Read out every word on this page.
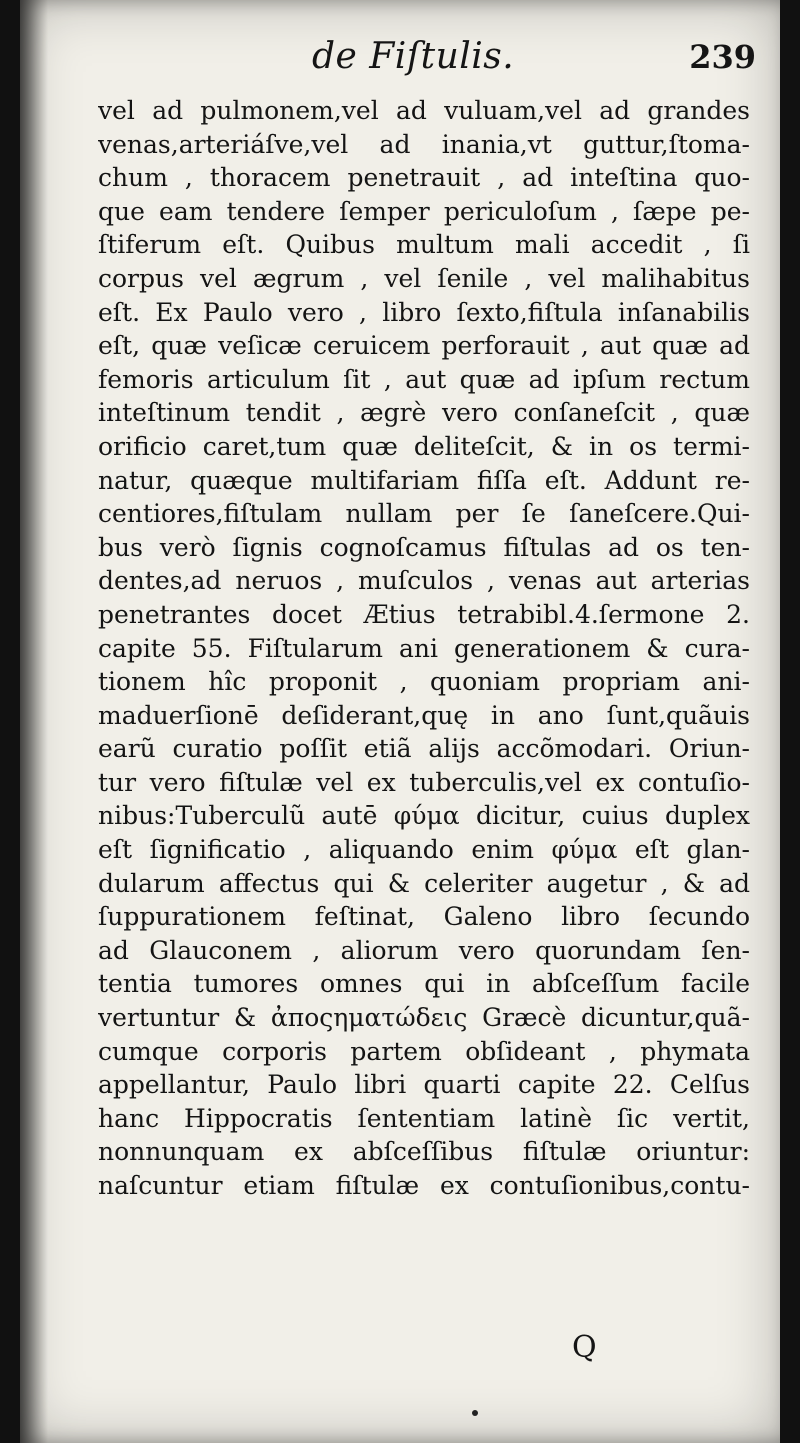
de Fiſtulis.	239
vel ad pulmonem,vel ad vuluam,vel ad grandes
venas,arteriáſve,vel ad inania,vt guttur,ſtoma-
chum , thoracem penetrauit , ad inteſtina quo-
que eam tendere ſemper periculoſum , ſæpe pe-
ſtiferum eſt. Quibus multum mali accedit , ſi
corpus vel ægrum , vel ſenile , vel malihabitus
eſt. Ex Paulo vero , libro ſexto,fiſtula inſanabilis
eſt, quæ veſicæ ceruicem perforauit , aut quæ ad
femoris articulum ſit , aut quæ ad ipſum rectum
inteſtinum tendit , ægrè vero conſaneſcit , quæ
orificio caret,tum quæ deliteſcit, & in os termi-
natur, quæque multifariam fiſſa eſt. Addunt re-
centiores,fiſtulam nullam per ſe ſaneſcere.Qui-
bus verò ſignis cognoſcamus fiſtulas ad os ten-
dentes,ad neruos , muſculos , venas aut arterias
penetrantes docet Ætius tetrabibl.4.ſermone 2.
capite 55. Fiſtularum ani generationem & cura-
tionem hîc proponit , quoniam propriam ani-
maduerſionē deſiderant,quę in ano ſunt,quãuis
earũ curatio poſſit etiã alijs accõmodari. Oriun-
tur vero fiſtulæ vel ex tuberculis,vel ex contuſio-
nibus:Tuberculũ autē φύμα dicitur, cuius duplex
eſt ſignificatio , aliquando enim φύμα eſt glan-
dularum affectus qui & celeriter augetur , & ad
ſuppurationem feſtinat, Galeno libro ſecundo
ad Glauconem , aliorum vero quorundam ſen-
tentia tumores omnes qui in abſceſſum facile
vertuntur & ἀποςηματώδεις Græcè dicuntur,quã-
cumque corporis partem obſideant , phymata
appellantur, Paulo libri quarti capite 22. Celſus
hanc Hippocratis ſententiam latinè ſic vertit,
nonnunquam ex abſceſſibus fiſtulæ oriuntur:
naſcuntur etiam fiſtulæ ex contuſionibus,contu-
Q
